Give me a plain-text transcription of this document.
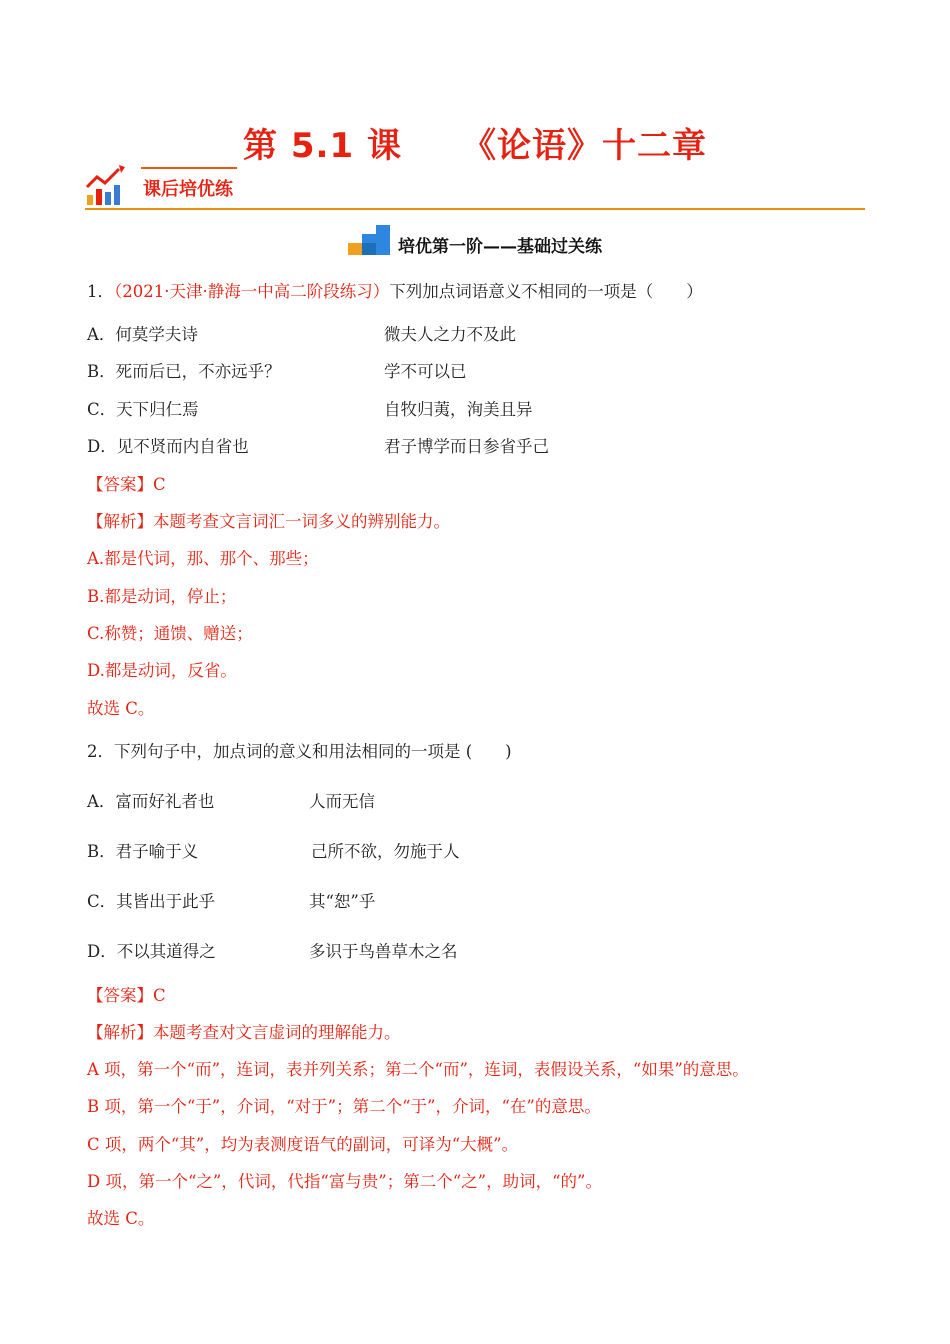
第 5.1 课 《论语》十二章
课后培优练
培优第一阶——基础过关练
1．（2021·天津·静海一中高二阶段练习）下列加点词语意义不相同的一项是（　　）
A．何莫学夫诗	微夫人之力不及此
B．死而后已，不亦远乎？	学不可以已
C．天下归仁焉	自牧归荑，洵美且异
D．见不贤而内自省也	君子博学而日参省乎己
【答案】C
【解析】本题考查文言词汇一词多义的辨别能力。
A.都是代词，那、那个、那些；
B.都是动词，停止；
C.称赞；通馈、赠送；
D.都是动词，反省。
故选 C。
2．下列句子中，加点词的意义和用法相同的一项是 (　　)
A．富而好礼者也	人而无信
B．君子喻于义	己所不欲，勿施于人
C．其皆出于此乎	其“恕”乎
D．不以其道得之	多识于鸟兽草木之名
【答案】C
【解析】本题考查对文言虚词的理解能力。
A 项，第一个“而”，连词，表并列关系；第二个“而”，连词，表假设关系，“如果”的意思。
B 项，第一个“于”，介词，“对于”；第二个“于”，介词，“在”的意思。
C 项，两个“其”，均为表测度语气的副词，可译为“大概”。
D 项，第一个“之”，代词，代指“富与贵”；第二个“之”，助词，“的”。
故选 C。
